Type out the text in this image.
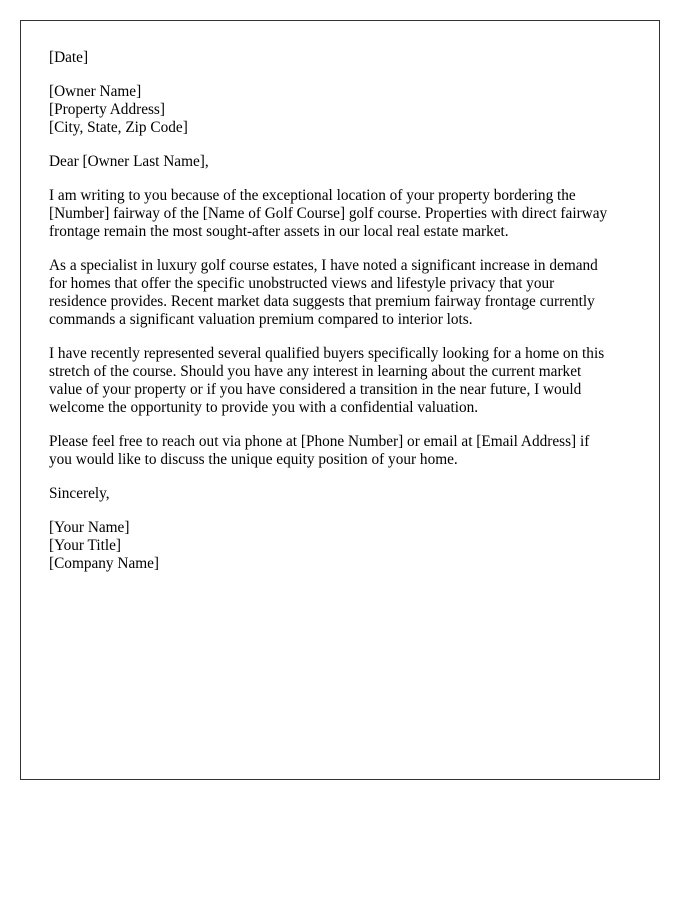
[Date]
[Owner Name]
[Property Address]
[City, State, Zip Code]
Dear [Owner Last Name],

I am writing to you because of the exceptional location of your property bordering the
[Number] fairway of the [Name of Golf Course] golf course. Properties with direct fairway
frontage remain the most sought-after assets in our local real estate market.

As a specialist in luxury golf course estates, I have noted a significant increase in demand
for homes that offer the specific unobstructed views and lifestyle privacy that your
residence provides. Recent market data suggests that premium fairway frontage currently
commands a significant valuation premium compared to interior lots.

I have recently represented several qualified buyers specifically looking for a home on this
stretch of the course. Should you have any interest in learning about the current market
value of your property or if you have considered a transition in the near future, I would
welcome the opportunity to provide you with a confidential valuation.

Please feel free to reach out via phone at [Phone Number] or email at [Email Address] if
you would like to discuss the unique equity position of your home.

Sincerely,
[Your Name]
[Your Title]
[Company Name]
